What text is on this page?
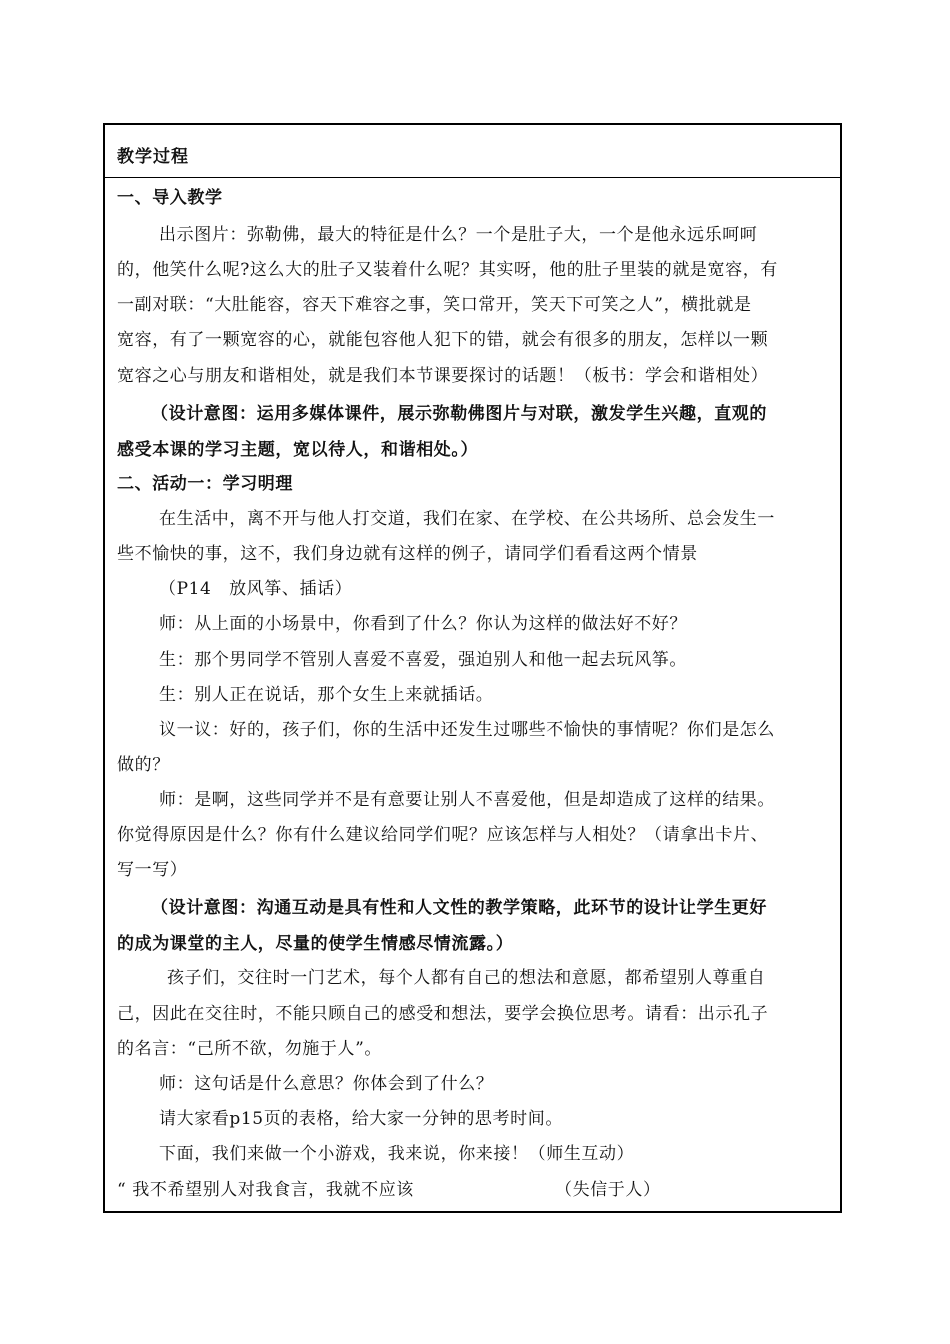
教学过程
一、导入教学
出示图片：弥勒佛，最大的特征是什么？一个是肚子大，一个是他永远乐呵呵
的，他笑什么呢?这么大的肚子又装着什么呢？其实呀，他的肚子里装的就是宽容，有
一副对联：“大肚能容，容天下难容之事，笑口常开，笑天下可笑之人”，横批就是
宽容，有了一颗宽容的心，就能包容他人犯下的错，就会有很多的朋友，怎样以一颗
宽容之心与朋友和谐相处，就是我们本节课要探讨的话题！（板书：学会和谐相处）
（设计意图：运用多媒体课件，展示弥勒佛图片与对联，激发学生兴趣，直观的
感受本课的学习主题，宽以待人，和谐相处。）
二、活动一：学习明理
在生活中，离不开与他人打交道，我们在家、在学校、在公共场所、总会发生一
些不愉快的事，这不，我们身边就有这样的例子，请同学们看看这两个情景
（P14　放风筝、插话）
师：从上面的小场景中，你看到了什么？你认为这样的做法好不好？
生：那个男同学不管别人喜爱不喜爱，强迫别人和他一起去玩风筝。
生：别人正在说话，那个女生上来就插话。
议一议：好的，孩子们，你的生活中还发生过哪些不愉快的事情呢？你们是怎么
做的？
师：是啊，这些同学并不是有意要让别人不喜爱他，但是却造成了这样的结果。
你觉得原因是什么？你有什么建议给同学们呢？应该怎样与人相处？（请拿出卡片、
写一写）
（设计意图：沟通互动是具有性和人文性的教学策略，此环节的设计让学生更好
的成为课堂的主人，尽量的使学生情感尽情流露。）
孩子们，交往时一门艺术，每个人都有自己的想法和意愿，都希望别人尊重自
己，因此在交往时，不能只顾自己的感受和想法，要学会换位思考。请看：出示孔子
的名言：“己所不欲，勿施于人”。
师：这句话是什么意思？你体会到了什么？
请大家看p15页的表格，给大家一分钟的思考时间。
下面，我们来做一个小游戏，我来说，你来接！（师生互动）
“ 我不希望别人对我食言，我就不应该	（失信于人）
